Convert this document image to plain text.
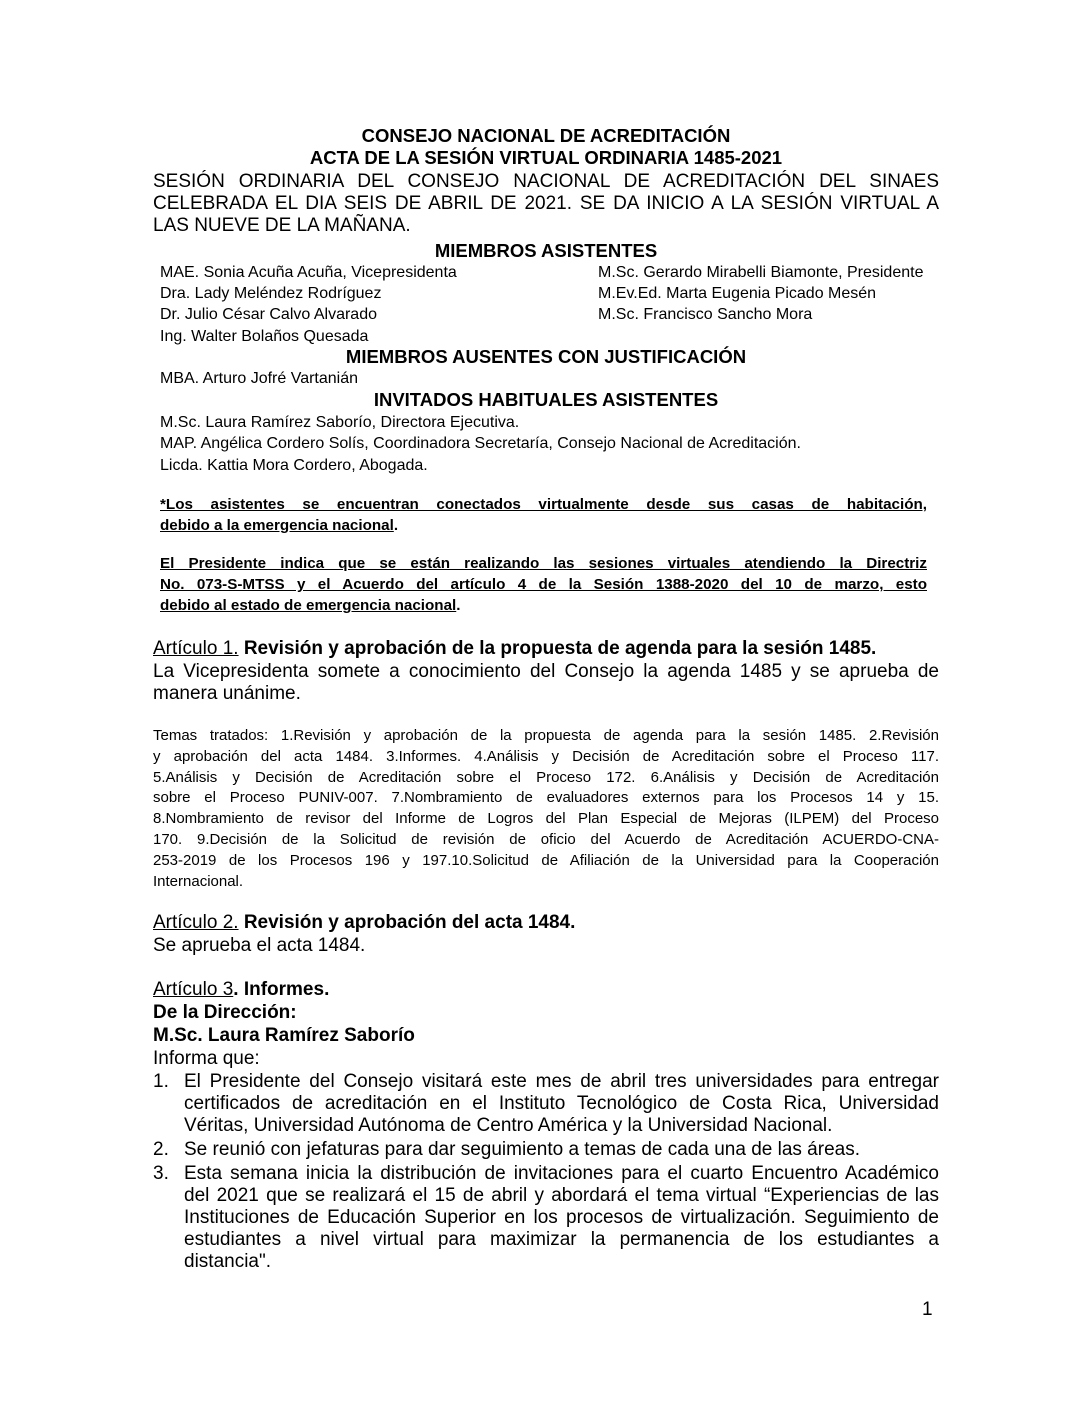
CONSEJO NACIONAL DE ACREDITACIÓN
ACTA DE LA SESIÓN VIRTUAL ORDINARIA 1485-2021
SESIÓN ORDINARIA DEL CONSEJO NACIONAL DE ACREDITACIÓN DEL SINAES
CELEBRADA EL DIA SEIS DE ABRIL DE 2021. SE DA INICIO A LA SESIÓN VIRTUAL A
LAS NUEVE DE LA MAÑANA.
MIEMBROS ASISTENTES
MAE. Sonia Acuña Acuña, Vicepresidenta
Dra. Lady Meléndez Rodríguez
Dr. Julio César Calvo Alvarado
Ing. Walter Bolaños Quesada
M.Sc. Gerardo Mirabelli Biamonte, Presidente
M.Ev.Ed. Marta Eugenia Picado Mesén
M.Sc. Francisco Sancho Mora
MIEMBROS AUSENTES CON JUSTIFICACIÓN
MBA. Arturo Jofré Vartanián
INVITADOS HABITUALES ASISTENTES
M.Sc. Laura Ramírez Saborío, Directora Ejecutiva.
MAP. Angélica Cordero Solís, Coordinadora Secretaría, Consejo Nacional de Acreditación.
Licda. Kattia Mora Cordero, Abogada.
*Los asistentes se encuentran conectados virtualmente desde sus casas de habitación,
debido a la emergencia nacional.
El Presidente indica que se están realizando las sesiones virtuales atendiendo la Directriz
No. 073-S-MTSS y el Acuerdo del artículo 4 de la Sesión 1388-2020 del 10 de marzo, esto
debido al estado de emergencia nacional.
Artículo 1. Revisión y aprobación de la propuesta de agenda para la sesión 1485.
La Vicepresidenta somete a conocimiento del Consejo la agenda 1485 y se aprueba de
manera unánime.
Temas tratados: 1.Revisión y aprobación de la propuesta de agenda para la sesión 1485. 2.Revisión
y aprobación del acta 1484. 3.Informes. 4.Análisis y Decisión de Acreditación sobre el Proceso 117.
5.Análisis y Decisión de Acreditación sobre el Proceso 172. 6.Análisis y Decisión de Acreditación
sobre el Proceso PUNIV-007. 7.Nombramiento de evaluadores externos para los Procesos 14 y 15.
8.Nombramiento de revisor del Informe de Logros del Plan Especial de Mejoras (ILPEM) del Proceso
170. 9.Decisión de la Solicitud de revisión de oficio del Acuerdo de Acreditación ACUERDO-CNA-
253-2019 de los Procesos 196 y 197.10.Solicitud de Afiliación de la Universidad para la Cooperación
Internacional.
Artículo 2. Revisión y aprobación del acta 1484.
Se aprueba el acta 1484.
Artículo 3. Informes.
De la Dirección:
M.Sc. Laura Ramírez Saborío
Informa que:
1. El Presidente del Consejo visitará este mes de abril tres universidades para entregar
certificados de acreditación en el Instituto Tecnológico de Costa Rica, Universidad
Véritas, Universidad Autónoma de Centro América y la Universidad Nacional.
2. Se reunió con jefaturas para dar seguimiento a temas de cada una de las áreas.
3. Esta semana inicia la distribución de invitaciones para el cuarto Encuentro Académico
del 2021 que se realizará el 15 de abril y abordará el tema virtual “Experiencias de las
Instituciones de Educación Superior en los procesos de virtualización. Seguimiento de
estudiantes a nivel virtual para maximizar la permanencia de los estudiantes a
distancia".
1
